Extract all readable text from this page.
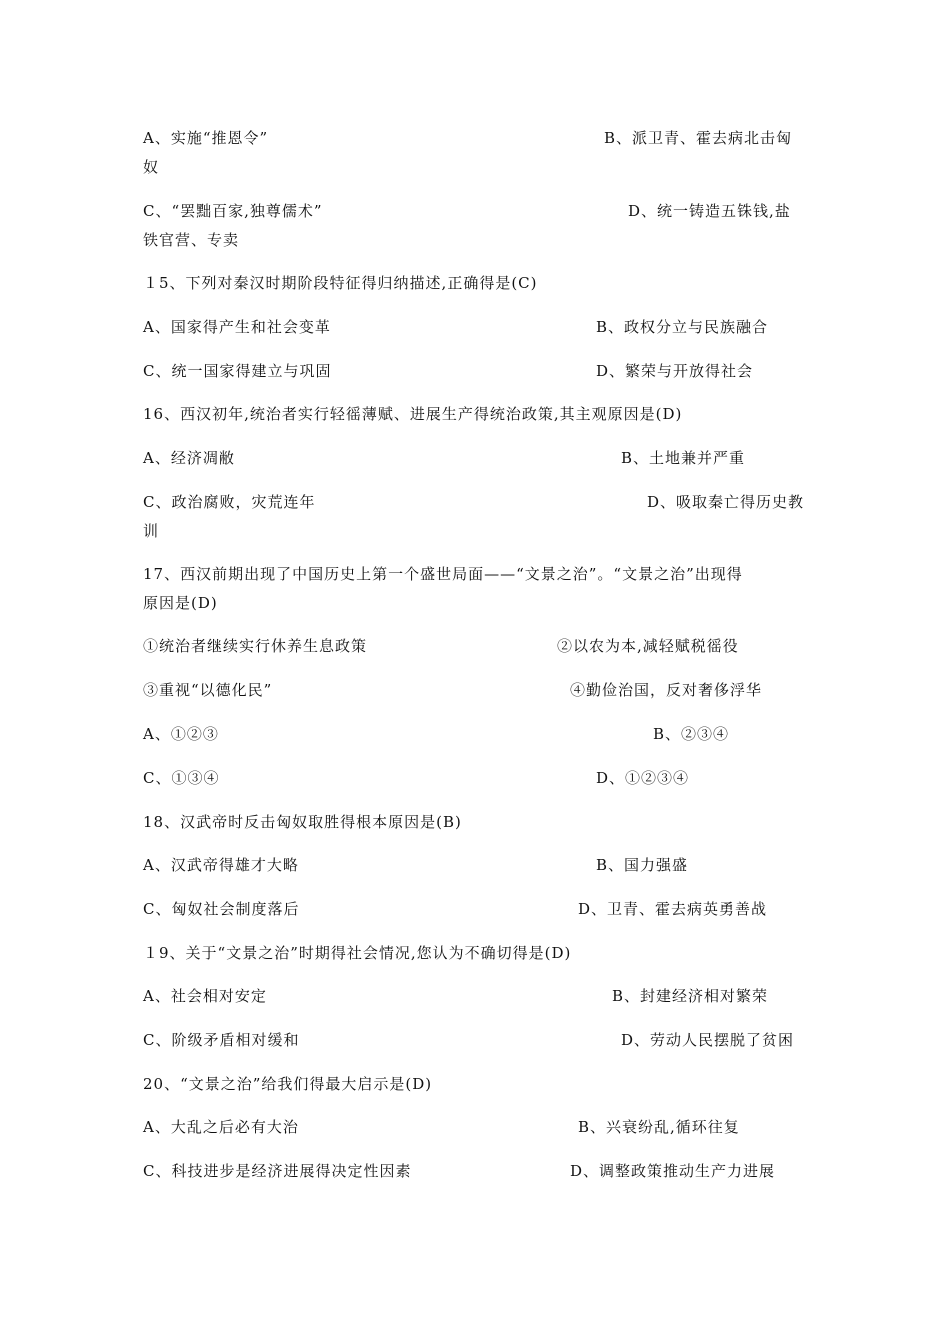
A、实施“推恩令”	B、派卫青、霍去病北击匈
奴
C、“罢黜百家,独尊儒术”	D、统一铸造五铢钱,盐
铁官营、专卖
１5、下列对秦汉时期阶段特征得归纳描述,正确得是(C)
A、国家得产生和社会变革	B、政权分立与民族融合
C、统一国家得建立与巩固	D、繁荣与开放得社会
16、西汉初年,统治者实行轻徭薄赋、进展生产得统治政策,其主观原因是(D)
A、经济凋敝	B、土地兼并严重
C、政治腐败，灾荒连年	D、吸取秦亡得历史教
训
17、西汉前期出现了中国历史上第一个盛世局面——“文景之治”。“文景之治”出现得
原因是(D)
①统治者继续实行休养生息政策	②以农为本,减轻赋税徭役
③重视“以德化民”	④勤俭治国，反对奢侈浮华
A、①②③	B、②③④
C、①③④	D、①②③④
18、汉武帝时反击匈奴取胜得根本原因是(B)
A、汉武帝得雄才大略	B、国力强盛
C、匈奴社会制度落后	D、卫青、霍去病英勇善战
１9、关于“文景之治”时期得社会情况,您认为不确切得是(D)
A、社会相对安定	B、封建经济相对繁荣
C、阶级矛盾相对缓和	D、劳动人民摆脱了贫困
20、“文景之治”给我们得最大启示是(D)
A、大乱之后必有大治	B、兴衰纷乱,循环往复
C、科技进步是经济进展得决定性因素	D、调整政策推动生产力进展
